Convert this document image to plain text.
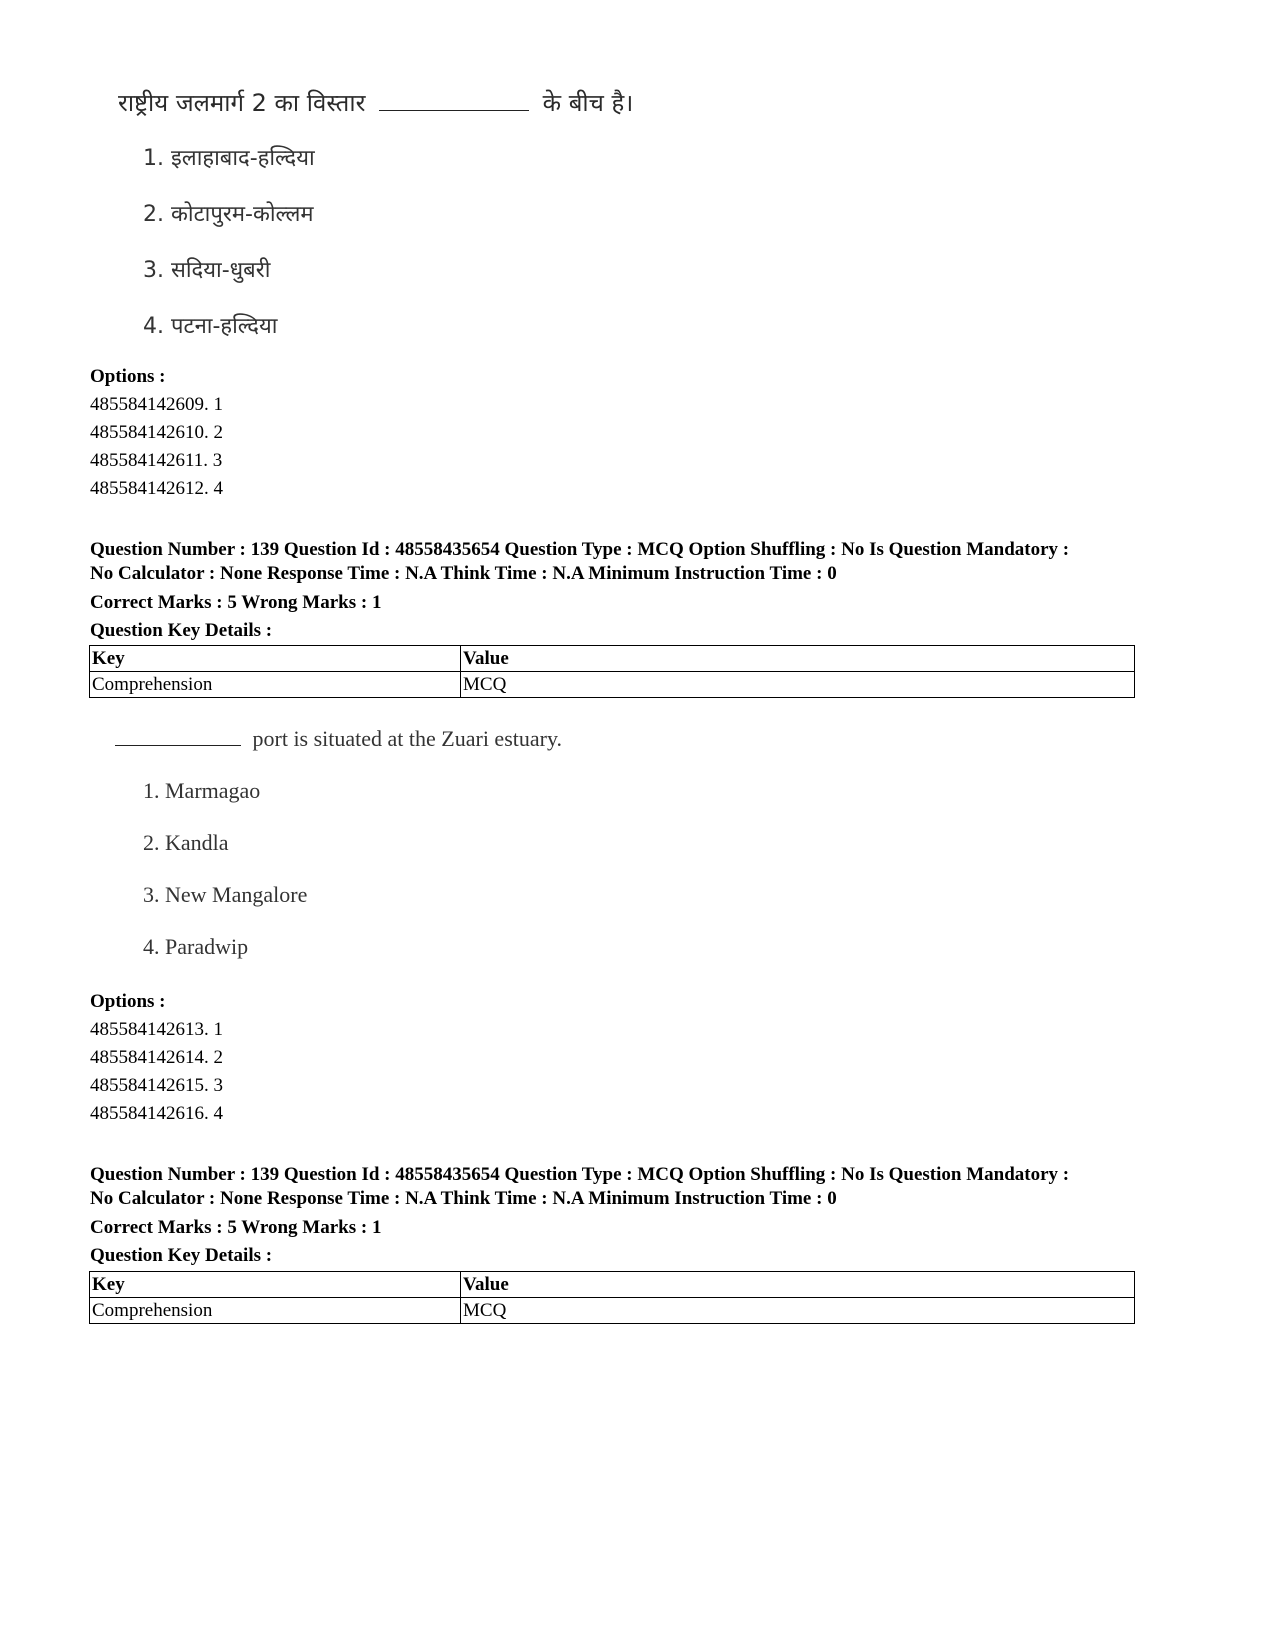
राष्ट्रीय जलमार्ग 2 का विस्तार	के बीच है।
1. इलाहाबाद-हल्दिया
2. कोटापुरम-कोल्लम
3. सदिया-धुबरी
4. पटना-हल्दिया
Options :
485584142609. 1
485584142610. 2
485584142611. 3
485584142612. 4
Question Number : 139 Question Id : 48558435654 Question Type : MCQ Option Shuffling : No Is Question Mandatory :
No Calculator : None Response Time : N.A Think Time : N.A Minimum Instruction Time : 0
Correct Marks : 5 Wrong Marks : 1
Question Key Details :
Key	Value
Comprehension	MCQ
port is situated at the Zuari estuary.
1. Marmagao
2. Kandla
3. New Mangalore
4. Paradwip
Options :
485584142613. 1
485584142614. 2
485584142615. 3
485584142616. 4
Question Number : 139 Question Id : 48558435654 Question Type : MCQ Option Shuffling : No Is Question Mandatory :
No Calculator : None Response Time : N.A Think Time : N.A Minimum Instruction Time : 0
Correct Marks : 5 Wrong Marks : 1
Question Key Details :
Key	Value
Comprehension	MCQ
